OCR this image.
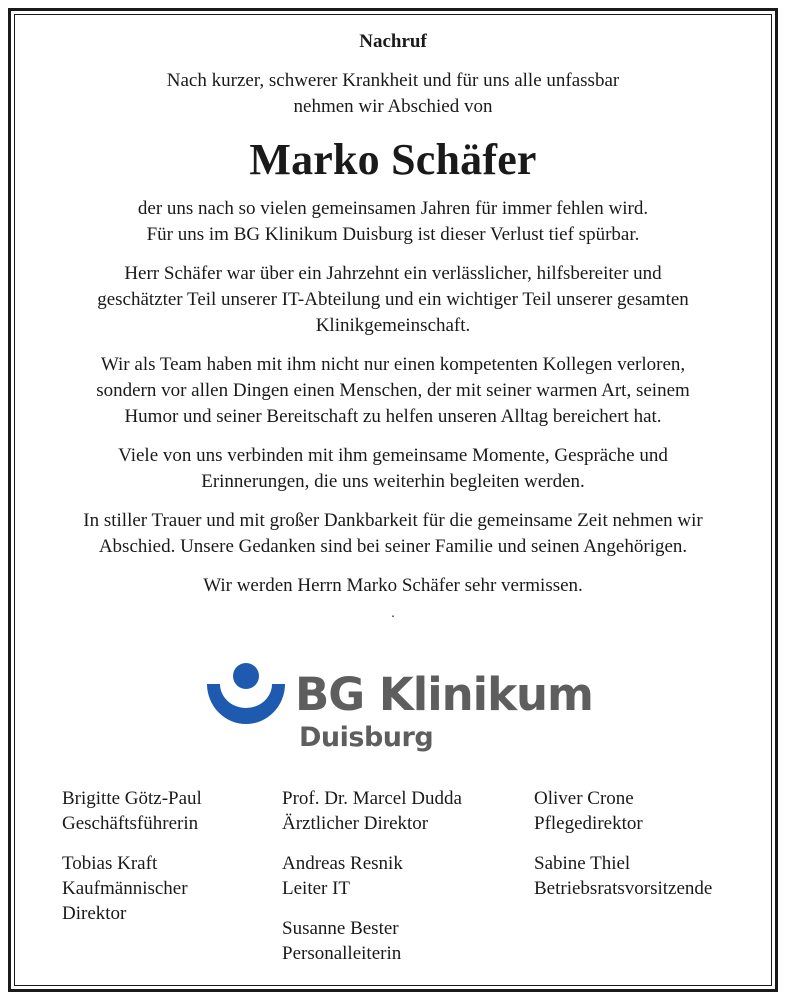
Nachruf

Nach kurzer, schwerer Krankheit und für uns alle unfassbar

nehmen wir Abschied von

Marko Schäfer
der uns nach so vielen gemeinsamen Jahren für immer fehlen wird.
Für uns im BG Klinikum Duisburg ist dieser Verlust tief spürbar.
Herr Schäfer war über ein Jahrzehnt ein verlässlicher, hilfsbereiter und
geschätzter Teil unserer IT-Abteilung und ein wichtiger Teil unserer gesamten
Klinikgemeinschaft.
Wir als Team haben mit ihm nicht nur einen kompetenten Kollegen verloren,
sondern vor allen Dingen einen Menschen, der mit seiner warmen Art, seinem
Humor und seiner Bereitschaft zu helfen unseren Alltag bereichert hat.
Viele von uns verbinden mit ihm gemeinsame Momente, Gespräche und
Erinnerungen, die uns weiterhin begleiten werden.
In stiller Trauer und mit großer Dankbarkeit für die gemeinsame Zeit nehmen wir
Abschied. Unsere Gedanken sind bei seiner Familie und seinen Angehörigen.
Wir werden Herrn Marko Schäfer sehr vermissen.
.
BG Klinikum
Duisburg
Brigitte Götz-Paul
Geschäftsführerin
Prof. Dr. Marcel Dudda
Ärztlicher Direktor
Oliver Crone
Pflegedirektor
Tobias Kraft
Kaufmännischer
Direktor
Andreas Resnik
Leiter IT
Sabine Thiel
Betriebsratsvorsitzende
Susanne Bester
Personalleiterin
